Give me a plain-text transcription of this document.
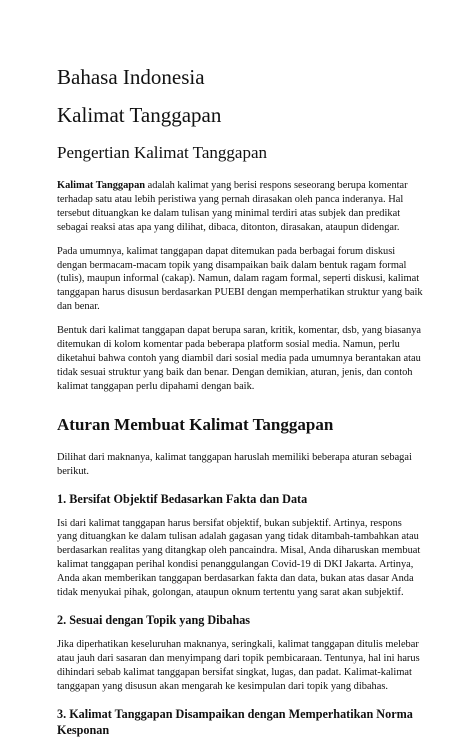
Bahasa Indonesia
Kalimat Tanggapan
Pengertian Kalimat Tanggapan

Kalimat Tanggapan adalah kalimat yang berisi respons seseorang berupa komentar terhadap satu atau lebih peristiwa yang pernah dirasakan oleh panca inderanya. Hal tersebut dituangkan ke dalam tulisan yang minimal terdiri atas subjek dan predikat sebagai reaksi atas apa yang dilihat, dibaca, ditonton, dirasakan, ataupun didengar.

Pada umumnya, kalimat tanggapan dapat ditemukan pada berbagai forum diskusi dengan bermacam-macam topik yang disampaikan baik dalam bentuk ragam formal (tulis), maupun informal (cakap). Namun, dalam ragam formal, seperti diskusi, kalimat tanggapan harus disusun berdasarkan PUEBI dengan memperhatikan struktur yang baik dan benar.

Bentuk dari kalimat tanggapan dapat berupa saran, kritik, komentar, dsb, yang biasanya ditemukan di kolom komentar pada beberapa platform sosial media. Namun, perlu diketahui bahwa contoh yang diambil dari sosial media pada umumnya berantakan atau tidak sesuai struktur yang baik dan benar. Dengan demikian, aturan, jenis, dan contoh kalimat tanggapan perlu dipahami dengan baik.

Aturan Membuat Kalimat Tanggapan

Dilihat dari maknanya, kalimat tanggapan haruslah memiliki beberapa aturan sebagai berikut.

1. Bersifat Objektif Bedasarkan Fakta dan Data

Isi dari kalimat tanggapan harus bersifat objektif, bukan subjektif. Artinya, respons yang dituangkan ke dalam tulisan adalah gagasan yang tidak ditambah-tambahkan atau berdasarkan realitas yang ditangkap oleh pancaindra. Misal, Anda diharuskan membuat kalimat tanggapan perihal kondisi penanggulangan Covid-19 di DKI Jakarta. Artinya, Anda akan memberikan tanggapan berdasarkan fakta dan data, bukan atas dasar Anda tidak menyukai pihak, golongan, ataupun oknum tertentu yang sarat akan subjektif.

2. Sesuai dengan Topik yang Dibahas

Jika diperhatikan keseluruhan maknanya, seringkali, kalimat tanggapan ditulis melebar atau jauh dari sasaran dan menyimpang dari topik pembicaraan. Tentunya, hal ini harus dihindari sebab kalimat tanggapan bersifat singkat, lugas, dan padat. Kalimat-kalimat tanggapan yang disusun akan mengarah ke kesimpulan dari topik yang dibahas.

3. Kalimat Tanggapan Disampaikan dengan Memperhatikan Norma Kesponan
